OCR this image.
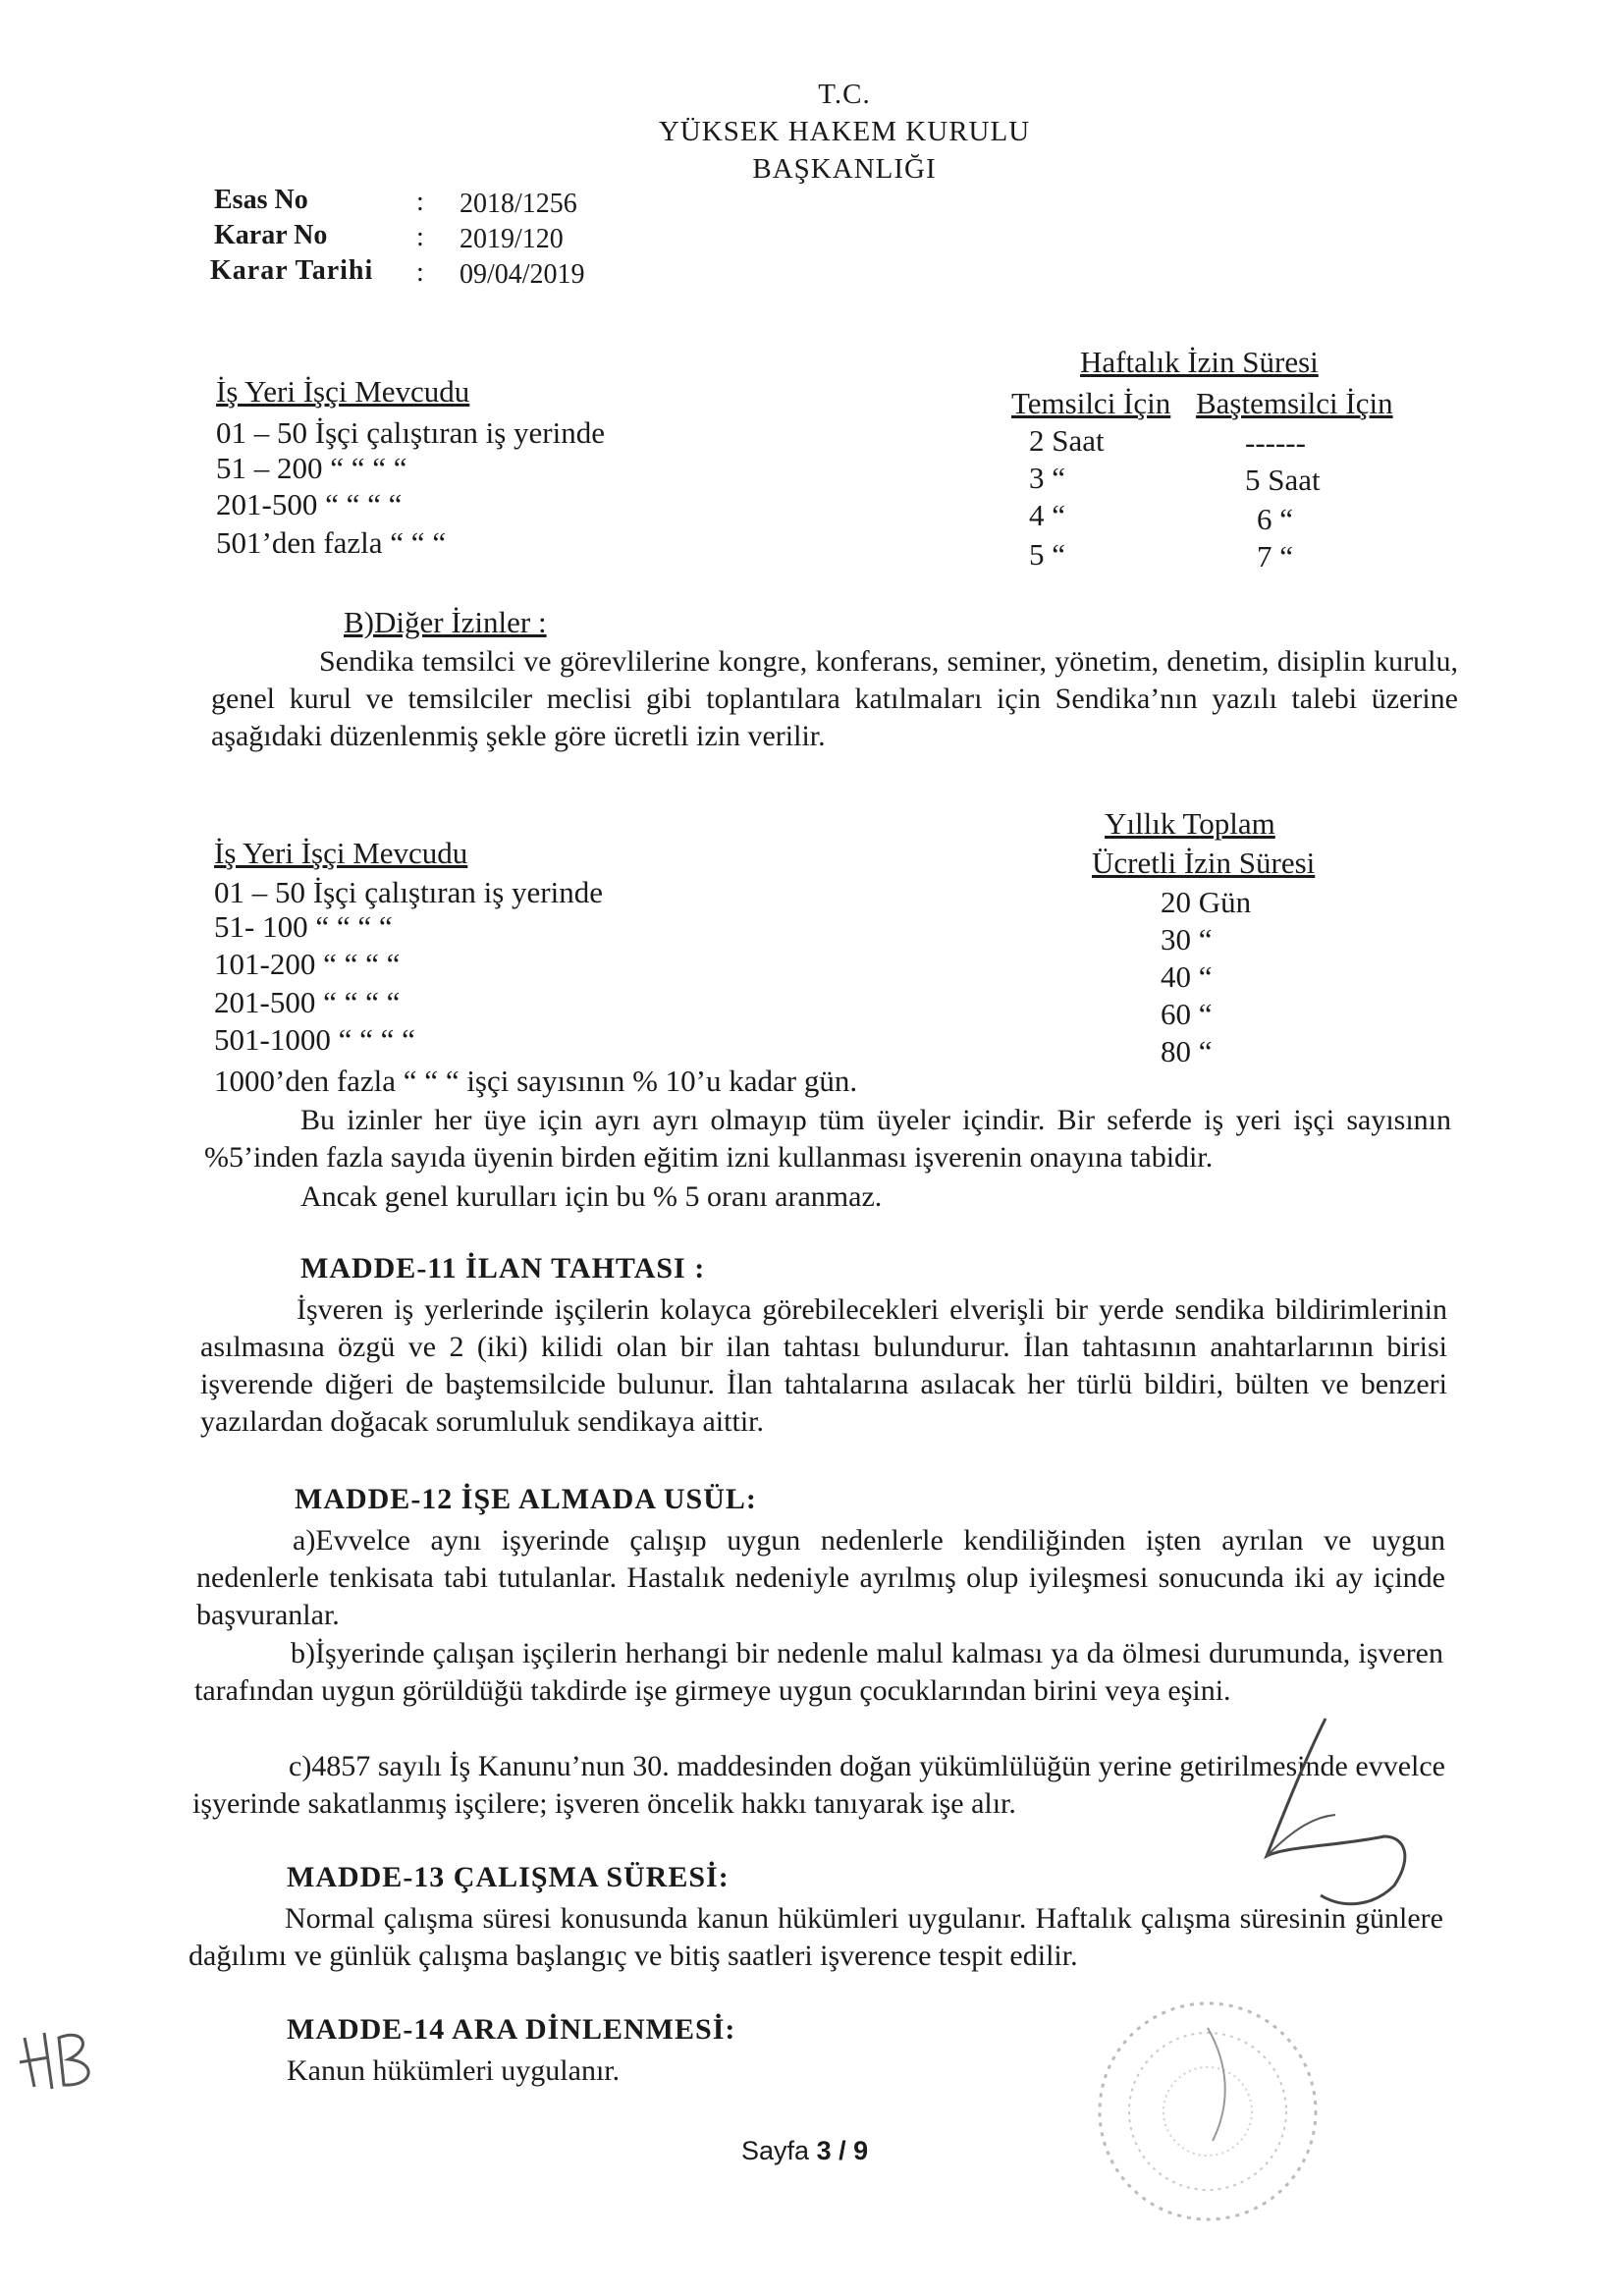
T.C.
YÜKSEK HAKEM KURULU
BAŞKANLIĞI
Esas No	: 2018/1256
Karar No	: 2019/120
Karar Tarihi : 09/04/2019
İş Yeri İşçi Mevcudu
Haftalık İzin Süresi
Temsilci İçin Baştemsilci İçin
01 – 50 İşçi çalıştıran iş yerinde
51 – 200 “ “ “ “
201-500 “ “ “ “
501’den fazla “ “ “
2 Saat
3 “
4 “
5 “
------
5 Saat
6 “
7 “
B)Diğer İzinler :
Sendika temsilci ve görevlilerine kongre, konferans, seminer, yönetim, denetim, disiplin kurulu, genel kurul ve temsilciler meclisi gibi toplantılara katılmaları için Sendika’nın yazılı talebi üzerine aşağıdaki düzenlenmiş şekle göre ücretli izin verilir.
Yıllık Toplam
Ücretli İzin Süresi
İş Yeri İşçi Mevcudu
01 – 50 İşçi çalıştıran iş yerinde
51- 100 “ “ “ “
101-200 “ “ “ “
201-500 “ “ “ “
501-1000 “ “ “ “
1000’den fazla “ “ “ işçi sayısının % 10’u kadar gün.
20 Gün
30 “
40 “
60 “
80 “
Bu izinler her üye için ayrı ayrı olmayıp tüm üyeler içindir. Bir seferde iş yeri işçi sayısının %5’inden fazla sayıda üyenin birden eğitim izni kullanması işverenin onayına tabidir.
Ancak genel kurulları için bu % 5 oranı aranmaz.
MADDE-11 İLAN TAHTASI :
İşveren iş yerlerinde işçilerin kolayca görebilecekleri elverişli bir yerde sendika bildirimlerinin asılmasına özgü ve 2 (iki) kilidi olan bir ilan tahtası bulundurur. İlan tahtasının anahtarlarının birisi işverende diğeri de baştemsilcide bulunur. İlan tahtalarına asılacak her türlü bildiri, bülten ve benzeri yazılardan doğacak sorumluluk sendikaya aittir.
MADDE-12 İŞE ALMADA USÜL:
a)Evvelce aynı işyerinde çalışıp uygun nedenlerle kendiliğinden işten ayrılan ve uygun nedenlerle tenkisata tabi tutulanlar. Hastalık nedeniyle ayrılmış olup iyileşmesi sonucunda iki ay içinde başvuranlar.
b)İşyerinde çalışan işçilerin herhangi bir nedenle malul kalması ya da ölmesi durumunda, işveren tarafından uygun görüldüğü takdirde işe girmeye uygun çocuklarından birini veya eşini.
c)4857 sayılı İş Kanunu’nun 30. maddesinden doğan yükümlülüğün yerine getirilmesinde evvelce işyerinde sakatlanmış işçilere; işveren öncelik hakkı tanıyarak işe alır.
MADDE-13 ÇALIŞMA SÜRESİ:
Normal çalışma süresi konusunda kanun hükümleri uygulanır. Haftalık çalışma süresinin günlere dağılımı ve günlük çalışma başlangıç ve bitiş saatleri işverence tespit edilir.
MADDE-14 ARA DİNLENMESİ:
Kanun hükümleri uygulanır.
Sayfa 3 / 9
